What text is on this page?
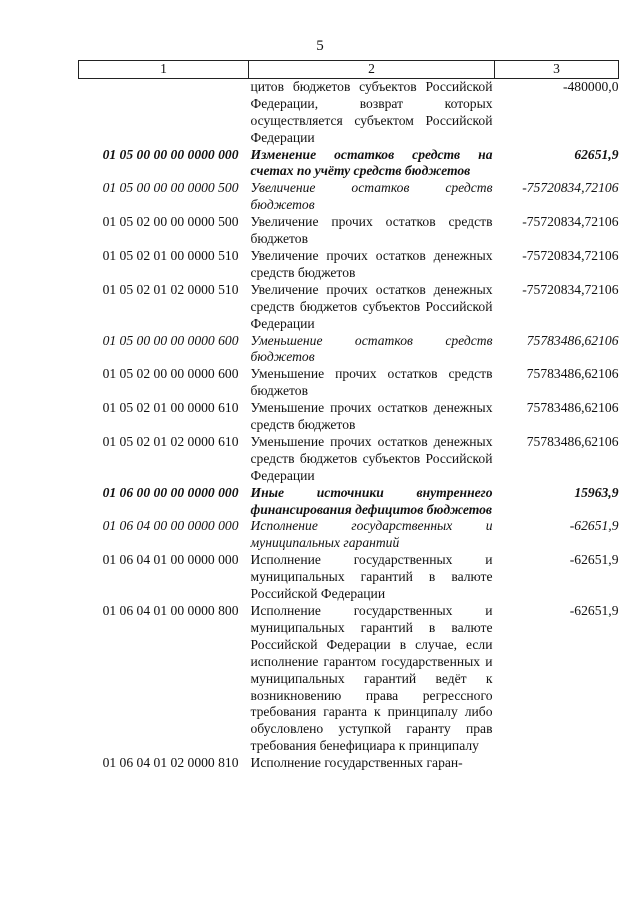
5
1	2	3
	цитов бюджетов субъектов Российской Федерации, возврат которых осуществляется субъектом Российской Федерации	-480000,0
01 05 00 00 00 0000 000	Изменение остатков средств на счетах по учёту средств бюджетов	62651,9
01 05 00 00 00 0000 500	Увеличение остатков средств бюджетов	-75720834,72106
01 05 02 00 00 0000 500	Увеличение прочих остатков средств бюджетов	-75720834,72106
01 05 02 01 00 0000 510	Увеличение прочих остатков денежных средств бюджетов	-75720834,72106
01 05 02 01 02 0000 510	Увеличение прочих остатков денежных средств бюджетов субъектов Российской Федерации	-75720834,72106
01 05 00 00 00 0000 600	Уменьшение остатков средств бюджетов	75783486,62106
01 05 02 00 00 0000 600	Уменьшение прочих остатков средств бюджетов	75783486,62106
01 05 02 01 00 0000 610	Уменьшение прочих остатков денежных средств бюджетов	75783486,62106
01 05 02 01 02 0000 610	Уменьшение прочих остатков денежных средств бюджетов субъектов Российской Федерации	75783486,62106
01 06 00 00 00 0000 000	Иные источники внутреннего финансирования дефицитов бюджетов	15963,9
01 06 04 00 00 0000 000	Исполнение государственных и муниципальных гарантий	-62651,9
01 06 04 01 00 0000 000	Исполнение государственных и муниципальных гарантий в валюте Российской Федерации	-62651,9
01 06 04 01 00 0000 800	Исполнение государственных и муниципальных гарантий в валюте Российской Федерации в случае, если исполнение гарантом государственных и муниципальных гарантий ведёт к возникновению права регрессного требования гаранта к принципалу либо обусловлено уступкой гаранту прав требования бенефициара к принципалу	-62651,9
01 06 04 01 02 0000 810	Исполнение государственных гаран-	
